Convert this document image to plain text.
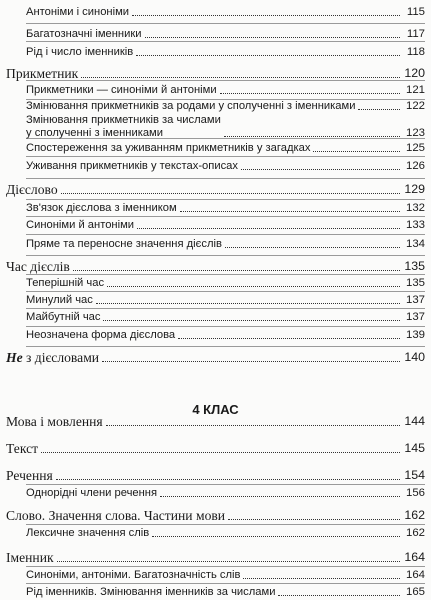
4 КЛАС
Антоніми і синоніми	115
Багатозначні іменники	117
Рід і число іменників	118
Прикметник	120
Прикметники — синоніми й антоніми	121
Змінювання прикметників за родами у сполученні з іменниками	122
Змінювання прикметників за числами
у сполученні з іменниками	123
Спостереження за уживанням прикметників у загадках	125
Уживання прикметників у текстах-описах	126
Дієслово	129
Зв'язок дієслова з іменником	132
Синоніми й антоніми	133
Пряме та переносне значення дієслів	134
Час дієслів	135
Теперішній час	135
Минулий час	137
Майбутній час	137
Неозначена форма дієслова	139
Не з дієсловами	140
Мова і мовлення	144
Текст	145
Речення	154
Однорідні члени речення	156
Слово. Значення слова. Частини мови	162
Лексичне значення слів	162
Іменник	164
Синоніми, антоніми. Багатозначність слів	164
Рід іменників. Змінювання іменників за числами	165
